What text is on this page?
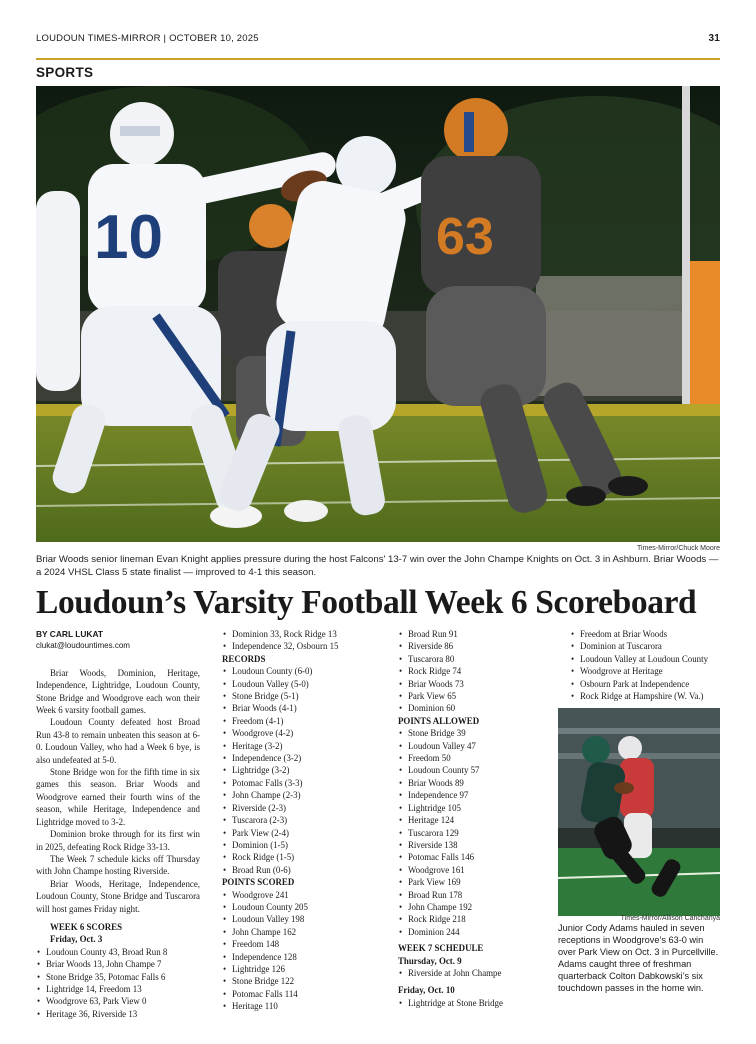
LOUDOUN TIMES-MIRROR | OCTOBER 10, 2025	31
SPORTS
10	63
Times-Mirror/Chuck Moore
Briar Woods senior lineman Evan Knight applies pressure during the host Falcons' 13-7 win over the John Champe Knights on Oct. 3 in Ashburn. Briar Woods — a 2024 VHSL Class 5 state finalist — improved to 4-1 this season.
Loudoun’s Varsity Football Week 6 Scoreboard
BY CARL LUKAT
clukat@loudountimes.com

Briar Woods, Dominion, Heritage, Independence, Lightridge, Loudoun County, Stone Bridge and Woodgrove each won their Week 6 varsity football games.

Loudoun County defeated host Broad Run 43-8 to remain unbeaten this season at 6-0. Loudoun Valley, who had a Week 6 bye, is also undefeated at 5-0.

Stone Bridge won for the fifth time in six games this season. Briar Woods and Woodgrove earned their fourth wins of the season, while Heritage, Independence and Lightridge moved to 3-2.

Dominion broke through for its first win in 2025, defeating Rock Ridge 33-13.

The Week 7 schedule kicks off Thursday with John Champe hosting Riverside.

Briar Woods, Heritage, Independence, Loudoun County, Stone Bridge and Tuscarora will host games Friday night.

WEEK 6 SCORES
Friday, Oct. 3
• Loudoun County 43, Broad Run 8
• Briar Woods 13, John Champe 7
• Stone Bridge 35, Potomac Falls 6
• Lightridge 14, Freedom 13
• Woodgrove 63, Park View 0
• Heritage 36, Riverside 13
• Dominion 33, Rock Ridge 13
• Independence 32, Osbourn 15
RECORDS
• Loudoun County (6-0)
• Loudoun Valley (5-0)
• Stone Bridge (5-1)
• Briar Woods (4-1)
• Freedom (4-1)
• Woodgrove (4-2)
• Heritage (3-2)
• Independence (3-2)
• Lightridge (3-2)
• Potomac Falls (3-3)
• John Champe (2-3)
• Riverside (2-3)
• Tuscarora (2-3)
• Park View (2-4)
• Dominion (1-5)
• Rock Ridge (1-5)
• Broad Run (0-6)
POINTS SCORED
• Woodgrove 241
• Loudoun County 205
• Loudoun Valley 198
• John Champe 162
• Freedom 148
• Independence 128
• Lightridge 126
• Stone Bridge 122
• Potomac Falls 114
• Heritage 110
• Broad Run 91
• Riverside 86
• Tuscarora 80
• Rock Ridge 74
• Briar Woods 73
• Park View 65
• Dominion 60
POINTS ALLOWED
• Stone Bridge 39
• Loudoun Valley 47
• Freedom 50
• Loudoun County 57
• Briar Woods 89
• Independence 97
• Lightridge 105
• Heritage 124
• Tuscarora 129
• Riverside 138
• Potomac Falls 146
• Woodgrove 161
• Park View 169
• Broad Run 178
• John Champe 192
• Rock Ridge 218
• Dominion 244
WEEK 7 SCHEDULE
Thursday, Oct. 9
• Riverside at John Champe
Friday, Oct. 10
• Lightridge at Stone Bridge
• Freedom at Briar Woods
• Dominion at Tuscarora
• Loudoun Valley at Loudoun County
• Woodgrove at Heritage
• Osbourn Park at Independence
• Rock Ridge at Hampshire (W. Va.)
Times-Mirror/Allison Canchanya
Junior Cody Adams hauled in seven receptions in Woodgrove’s 63-0 win over Park View on Oct. 3 in Purcellville. Adams caught three of freshman quarterback Colton Dabkowski’s six touchdown passes in the home win.
